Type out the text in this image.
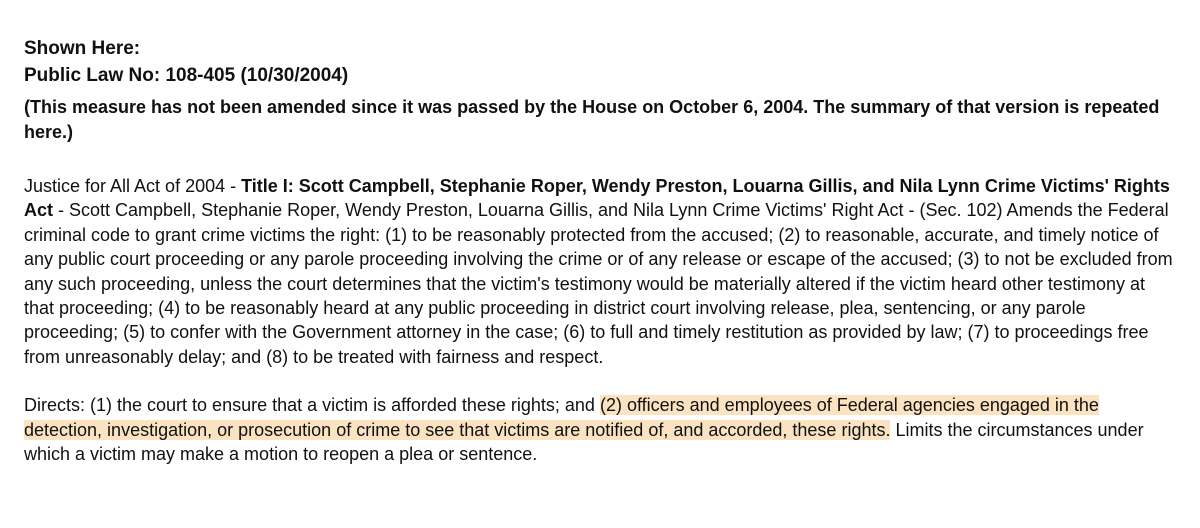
Shown Here:
Public Law No: 108-405 (10/30/2004)
(This measure has not been amended since it was passed by the House on October 6, 2004. The summary of that version is repeated here.)
Justice for All Act of 2004 - Title I: Scott Campbell, Stephanie Roper, Wendy Preston, Louarna Gillis, and Nila Lynn Crime Victims' Rights Act - Scott Campbell, Stephanie Roper, Wendy Preston, Louarna Gillis, and Nila Lynn Crime Victims' Right Act - (Sec. 102) Amends the Federal criminal code to grant crime victims the right: (1) to be reasonably protected from the accused; (2) to reasonable, accurate, and timely notice of any public court proceeding or any parole proceeding involving the crime or of any release or escape of the accused; (3) to not be excluded from any such proceeding, unless the court determines that the victim's testimony would be materially altered if the victim heard other testimony at that proceeding; (4) to be reasonably heard at any public proceeding in district court involving release, plea, sentencing, or any parole proceeding; (5) to confer with the Government attorney in the case; (6) to full and timely restitution as provided by law; (7) to proceedings free from unreasonably delay; and (8) to be treated with fairness and respect.
Directs: (1) the court to ensure that a victim is afforded these rights; and (2) officers and employees of Federal agencies engaged in the detection, investigation, or prosecution of crime to see that victims are notified of, and accorded, these rights. Limits the circumstances under which a victim may make a motion to reopen a plea or sentence.
